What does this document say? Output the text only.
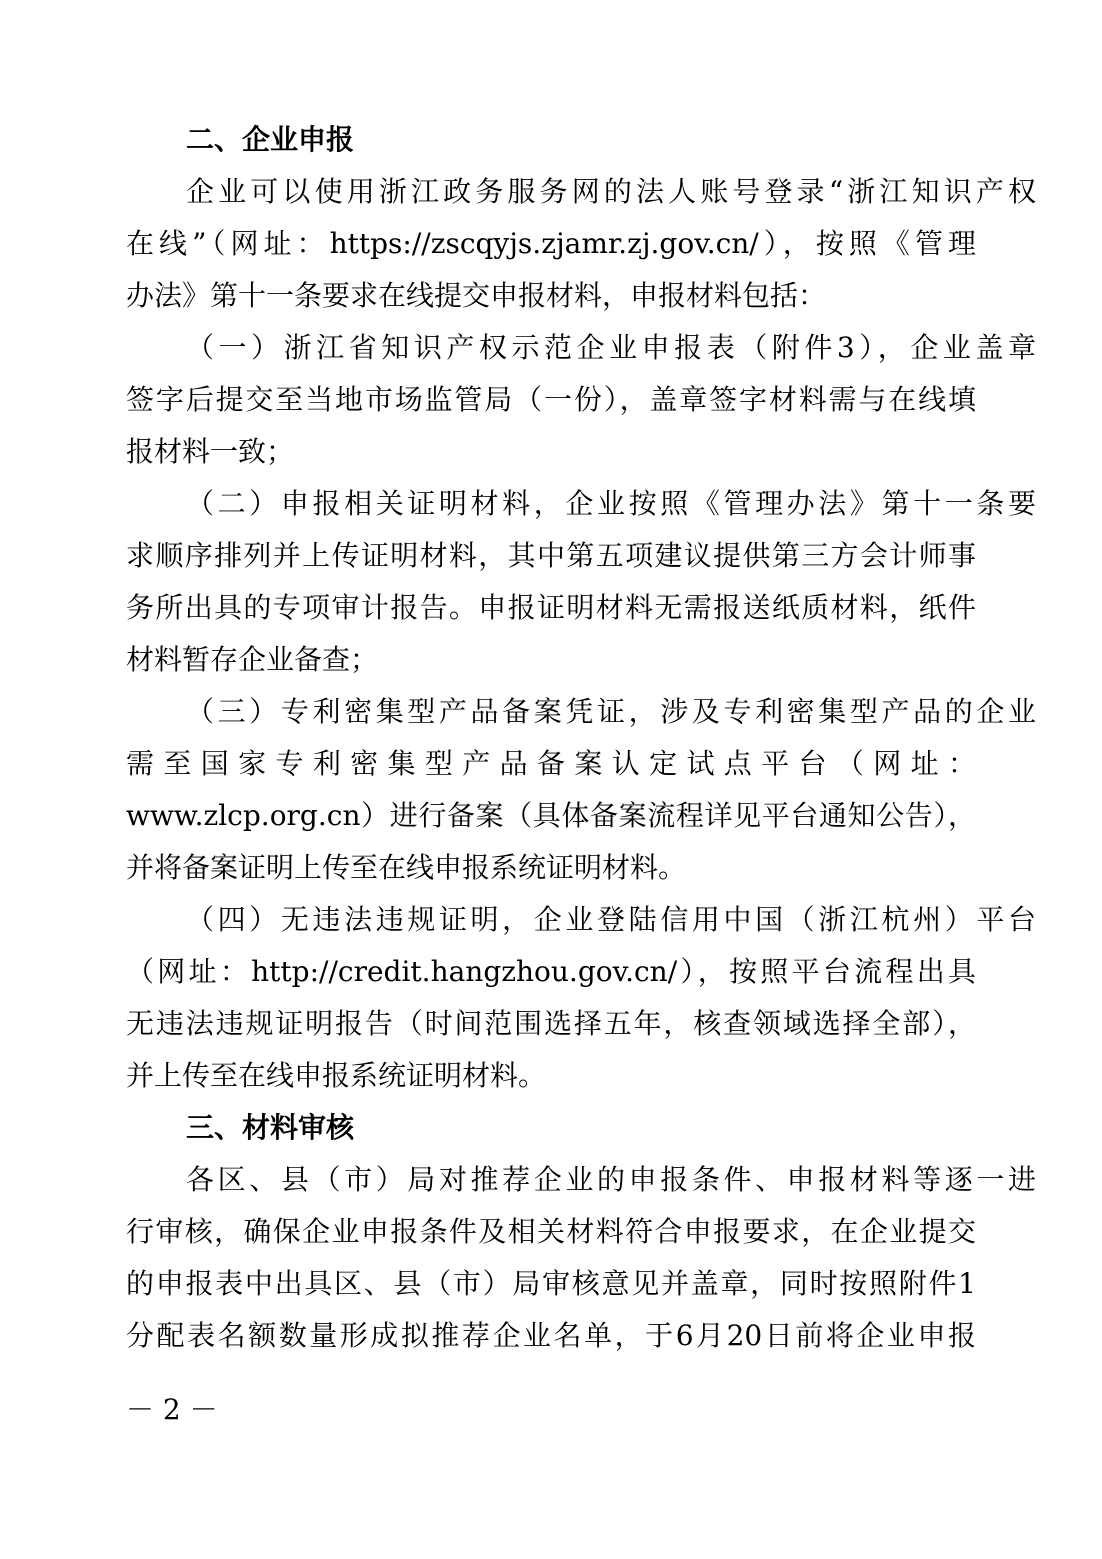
二、企业申报
企业可以使用浙江政务服务网的法人账号登录“浙江知识产权
在线”（网址：https://zscqyjs.zjamr.zj.gov.cn/），按照《管理
办法》第十一条要求在线提交申报材料，申报材料包括：
（一）浙江省知识产权示范企业申报表（附件3），企业盖章
签字后提交至当地市场监管局（一份），盖章签字材料需与在线填
报材料一致；
（二）申报相关证明材料，企业按照《管理办法》第十一条要
求顺序排列并上传证明材料，其中第五项建议提供第三方会计师事
务所出具的专项审计报告。申报证明材料无需报送纸质材料，纸件
材料暂存企业备查；
（三）专利密集型产品备案凭证，涉及专利密集型产品的企业
需至国家专利密集型产品备案认定试点平台（网址：
www.zlcp.org.cn）进行备案（具体备案流程详见平台通知公告），
并将备案证明上传至在线申报系统证明材料。
（四）无违法违规证明，企业登陆信用中国（浙江杭州）平台
（网址：http://credit.hangzhou.gov.cn/），按照平台流程出具
无违法违规证明报告（时间范围选择五年，核查领域选择全部），
并上传至在线申报系统证明材料。
三、材料审核
各区、县（市）局对推荐企业的申报条件、申报材料等逐一进
行审核，确保企业申报条件及相关材料符合申报要求，在企业提交
的申报表中出具区、县（市）局审核意见并盖章，同时按照附件1
分配表名额数量形成拟推荐企业名单，于6月20日前将企业申报
－ 2 －
